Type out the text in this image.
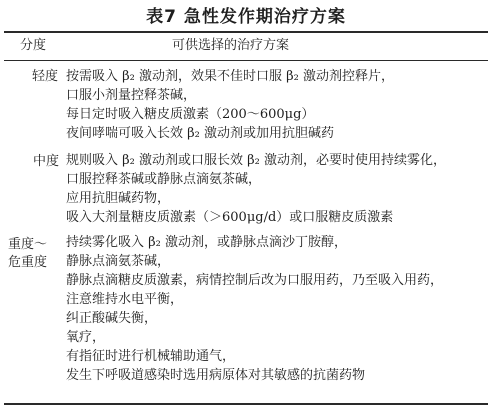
表7 急性发作期治疗方案
分度	可供选择的治疗方案
轻度 按需吸入 β₂ 激动剂，效果不佳时口服 β₂ 激动剂控释片，
口服小剂量控释茶碱，
每日定时吸入糖皮质激素（200～600μg）
夜间哮喘可吸入长效 β₂ 激动剂或加用抗胆碱药
中度 规则吸入 β₂ 激动剂或口服长效 β₂ 激动剂，必要时使用持续雾化，
口服控释茶碱或静脉点滴氨茶碱，
应用抗胆碱药物，
吸入大剂量糖皮质激素（＞600μg/d）或口服糖皮质激素
重度～
危重度
持续雾化吸入 β₂ 激动剂，或静脉点滴沙丁胺醇，
静脉点滴氨茶碱，
静脉点滴糖皮质激素，病情控制后改为口服用药，乃至吸入用药，
注意维持水电平衡，
纠正酸碱失衡，
氧疗，
有指征时进行机械辅助通气，
发生下呼吸道感染时选用病原体对其敏感的抗菌药物
